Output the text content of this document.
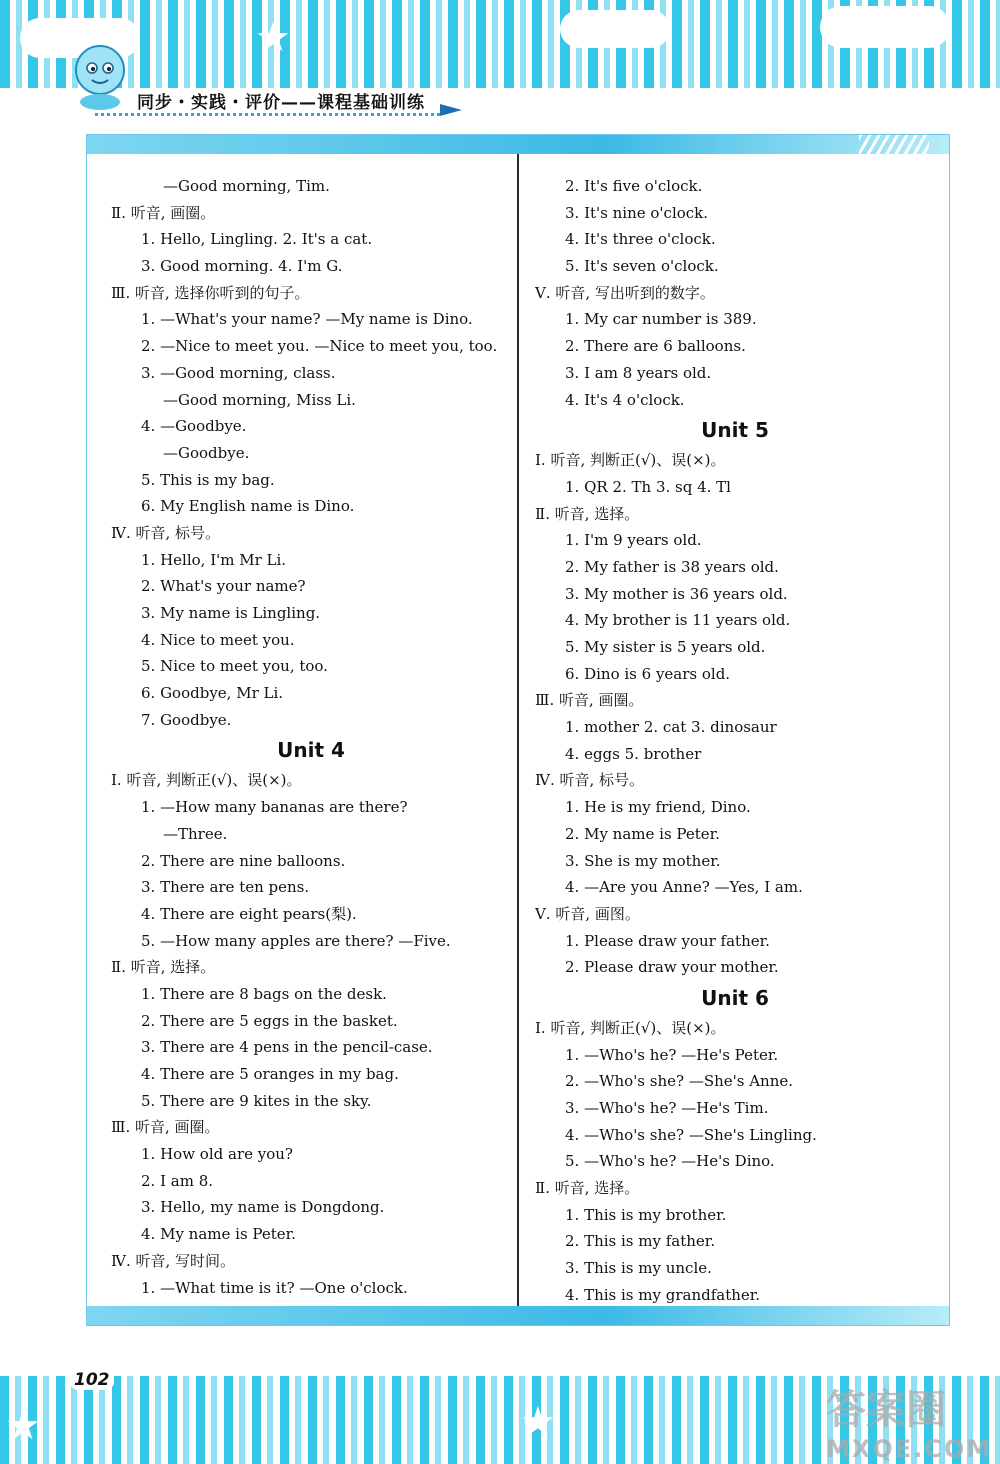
★
同步・实践・评价——课程基础训练
—Good morning, Tim.
Ⅱ. 听音, 画圈。
1. Hello, Lingling. 2. It's a cat.
3. Good morning. 4. I'm G.
Ⅲ. 听音, 选择你听到的句子。
1. —What's your name? —My name is Dino.
2. —Nice to meet you. —Nice to meet you, too.
3. —Good morning, class.
—Good morning, Miss Li.
4. —Goodbye.
—Goodbye.
5. This is my bag.
6. My English name is Dino.
Ⅳ. 听音, 标号。
1. Hello, I'm Mr Li.
2. What's your name?
3. My name is Lingling.
4. Nice to meet you.
5. Nice to meet you, too.
6. Goodbye, Mr Li.
7. Goodbye.
Unit 4
Ⅰ. 听音, 判断正(√)、误(×)。
1. —How many bananas are there?
—Three.
2. There are nine balloons.
3. There are ten pens.
4. There are eight pears(梨).
5. —How many apples are there? —Five.
Ⅱ. 听音, 选择。
1. There are 8 bags on the desk.
2. There are 5 eggs in the basket.
3. There are 4 pens in the pencil-case.
4. There are 5 oranges in my bag.
5. There are 9 kites in the sky.
Ⅲ. 听音, 画圈。
1. How old are you?
2. I am 8.
3. Hello, my name is Dongdong.
4. My name is Peter.
Ⅳ. 听音, 写时间。
1. —What time is it? —One o'clock.
2. It's five o'clock.
3. It's nine o'clock.
4. It's three o'clock.
5. It's seven o'clock.
Ⅴ. 听音, 写出听到的数字。
1. My car number is 389.
2. There are 6 balloons.
3. I am 8 years old.
4. It's 4 o'clock.
Unit 5
Ⅰ. 听音, 判断正(√)、误(×)。
1. QR 2. Th 3. sq 4. Tl
Ⅱ. 听音, 选择。
1. I'm 9 years old.
2. My father is 38 years old.
3. My mother is 36 years old.
4. My brother is 11 years old.
5. My sister is 5 years old.
6. Dino is 6 years old.
Ⅲ. 听音, 画圈。
1. mother 2. cat 3. dinosaur
4. eggs 5. brother
Ⅳ. 听音, 标号。
1. He is my friend, Dino.
2. My name is Peter.
3. She is my mother.
4. —Are you Anne? —Yes, I am.
Ⅴ. 听音, 画图。
1. Please draw your father.
2. Please draw your mother.
Unit 6
Ⅰ. 听音, 判断正(√)、误(×)。
1. —Who's he? —He's Peter.
2. —Who's she? —She's Anne.
3. —Who's he? —He's Tim.
4. —Who's she? —She's Lingling.
5. —Who's he? —He's Dino.
Ⅱ. 听音, 选择。
1. This is my brother.
2. This is my father.
3. This is my uncle.
4. This is my grandfather.
★	★
102
答案圈
MXQE.COM
